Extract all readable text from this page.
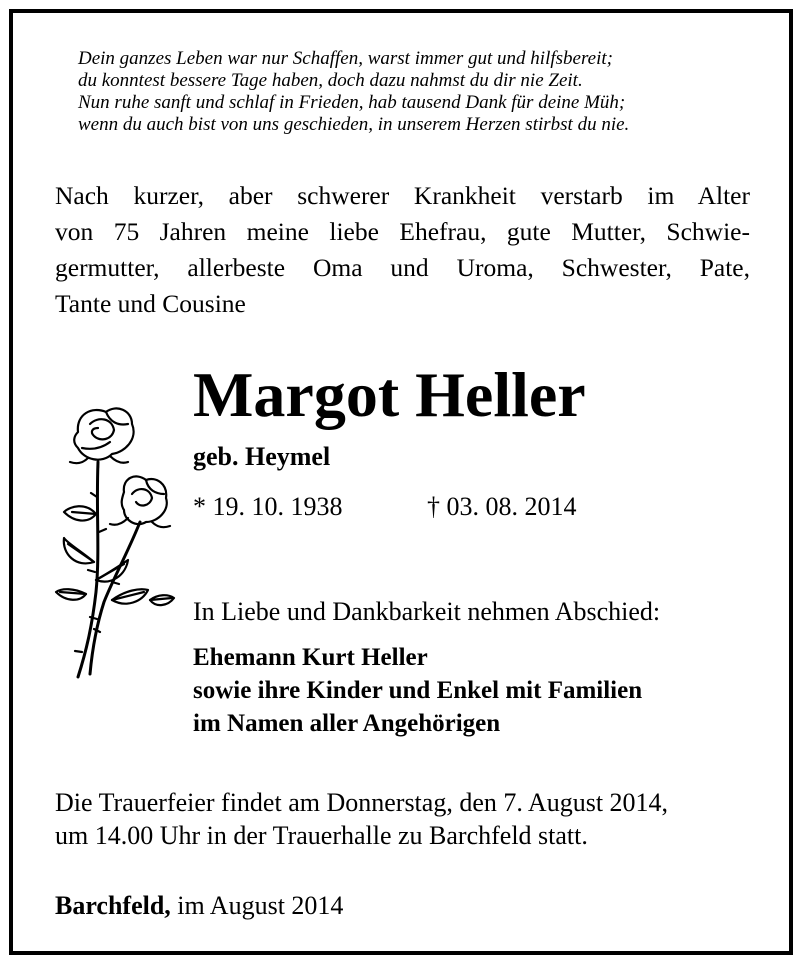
Dein ganzes Leben war nur Schaffen, warst immer gut und hilfsbereit;
du konntest bessere Tage haben, doch dazu nahmst du dir nie Zeit.
Nun ruhe sanft und schlaf in Frieden, hab tausend Dank für deine Müh;
wenn du auch bist von uns geschieden, in unserem Herzen stirbst du nie.
Nach kurzer, aber schwerer Krankheit verstarb im Alter
von 75 Jahren meine liebe Ehefrau, gute Mutter, Schwie-
germutter, allerbeste Oma und Uroma, Schwester, Pate,
Tante und Cousine
Margot Heller
geb. Heymel
* 19. 10. 1938	† 03. 08. 2014
In Liebe und Dankbarkeit nehmen Abschied:
Ehemann Kurt Heller
sowie ihre Kinder und Enkel mit Familien
im Namen aller Angehörigen
Die Trauerfeier findet am Donnerstag, den 7. August 2014,
um 14.00 Uhr in der Trauerhalle zu Barchfeld statt.
Barchfeld, im August 2014
